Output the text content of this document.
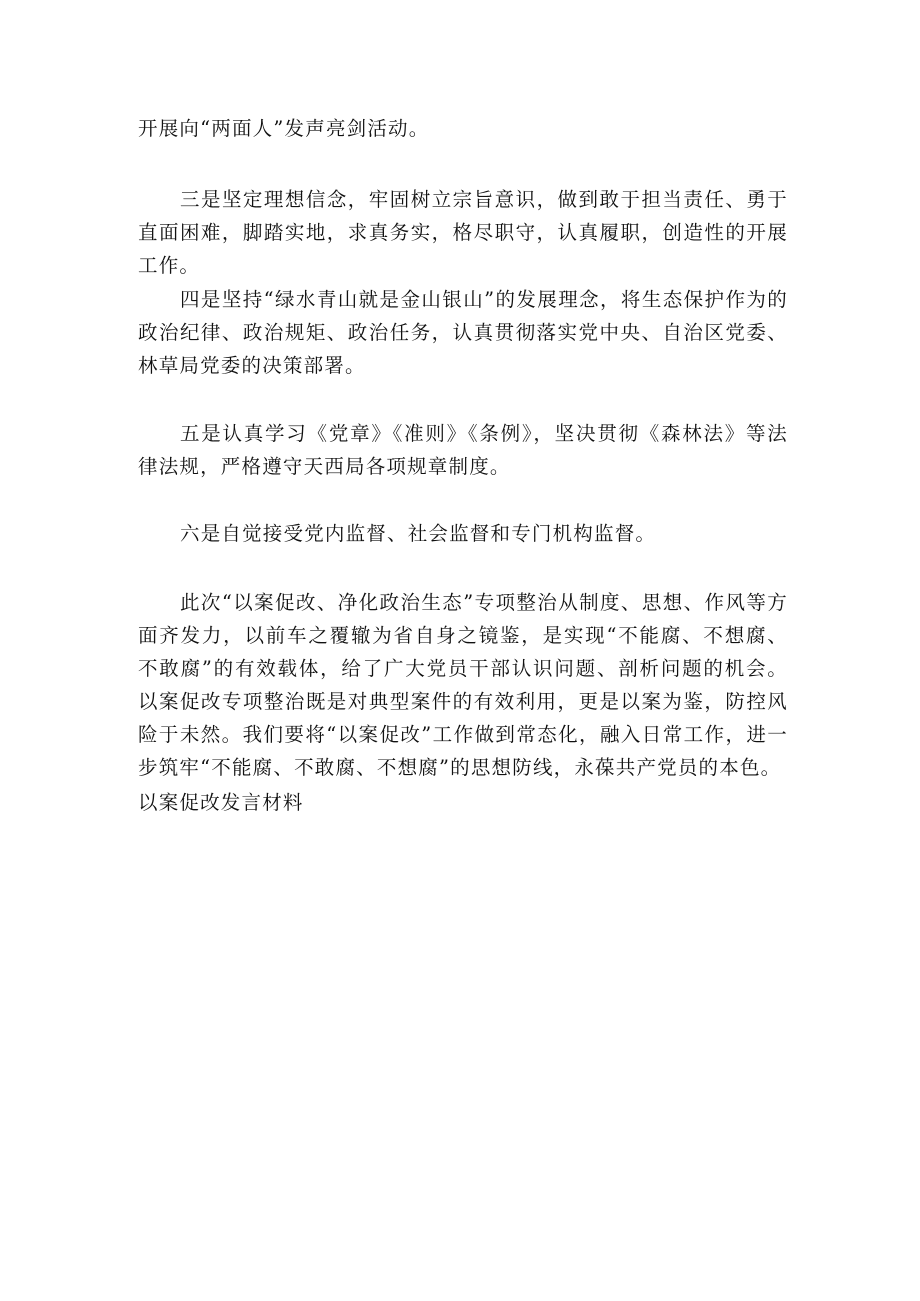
开展向“两面人”发声亮剑活动。

三是坚定理想信念，牢固树立宗旨意识，做到敢于担当责任、勇于直面困难，脚踏实地，求真务实，格尽职守，认真履职，创造性的开展工作。

四是坚持“绿水青山就是金山银山”的发展理念，将生态保护作为的政治纪律、政治规矩、政治任务，认真贯彻落实党中央、自治区党委、林草局党委的决策部署。

五是认真学习《党章》《准则》《条例》，坚决贯彻《森林法》等法律法规，严格遵守天西局各项规章制度。

六是自觉接受党内监督、社会监督和专门机构监督。

此次“以案促改、净化政治生态”专项整治从制度、思想、作风等方面齐发力，以前车之覆辙为省自身之镜鉴，是实现“不能腐、不想腐、不敢腐”的有效载体，给了广大党员干部认识问题、剖析问题的机会。以案促改专项整治既是对典型案件的有效利用，更是以案为鉴，防控风险于未然。我们要将“以案促改”工作做到常态化，融入日常工作，进一步筑牢“不能腐、不敢腐、不想腐”的思想防线，永葆共产党员的本色。

以案促改发言材料
